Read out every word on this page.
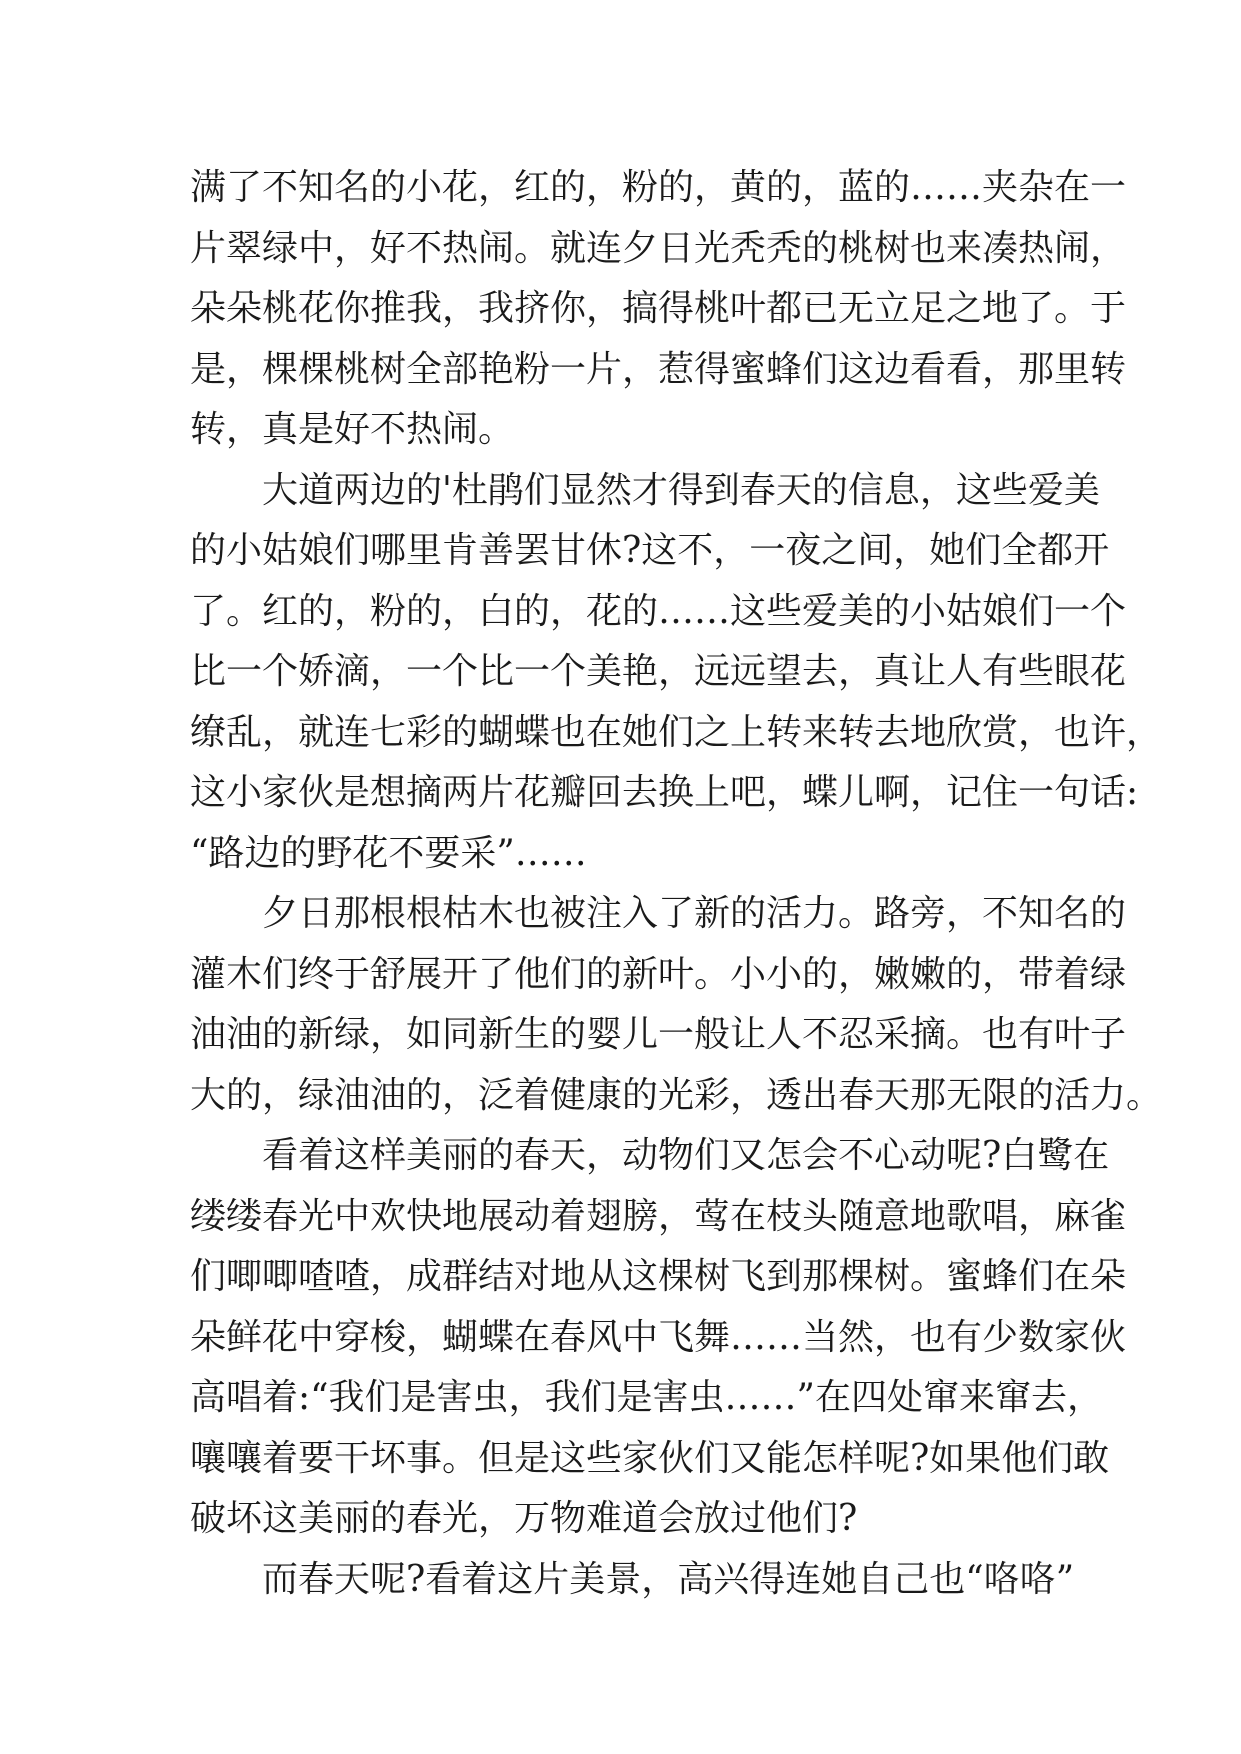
满了不知名的小花，红的，粉的，黄的，蓝的……夹杂在一
片翠绿中，好不热闹。就连夕日光秃秃的桃树也来凑热闹，
朵朵桃花你推我，我挤你，搞得桃叶都已无立足之地了。于
是，棵棵桃树全部艳粉一片，惹得蜜蜂们这边看看，那里转
转，真是好不热闹。
大道两边的'杜鹃们显然才得到春天的信息，这些爱美
的小姑娘们哪里肯善罢甘休?这不，一夜之间，她们全都开
了。红的，粉的，白的，花的……这些爱美的小姑娘们一个
比一个娇滴，一个比一个美艳，远远望去，真让人有些眼花
缭乱，就连七彩的蝴蝶也在她们之上转来转去地欣赏，也许，
这小家伙是想摘两片花瓣回去换上吧，蝶儿啊，记住一句话:
“路边的野花不要采”……
夕日那根根枯木也被注入了新的活力。路旁，不知名的
灌木们终于舒展开了他们的新叶。小小的，嫩嫩的，带着绿
油油的新绿，如同新生的婴儿一般让人不忍采摘。也有叶子
大的，绿油油的，泛着健康的光彩，透出春天那无限的活力。
看着这样美丽的春天，动物们又怎会不心动呢?白鹭在
缕缕春光中欢快地展动着翅膀，莺在枝头随意地歌唱，麻雀
们唧唧喳喳，成群结对地从这棵树飞到那棵树。蜜蜂们在朵
朵鲜花中穿梭，蝴蝶在春风中飞舞……当然，也有少数家伙
高唱着:“我们是害虫，我们是害虫……”在四处窜来窜去，
嚷嚷着要干坏事。但是这些家伙们又能怎样呢?如果他们敢
破坏这美丽的春光，万物难道会放过他们?
而春天呢?看着这片美景，高兴得连她自己也“咯咯”
